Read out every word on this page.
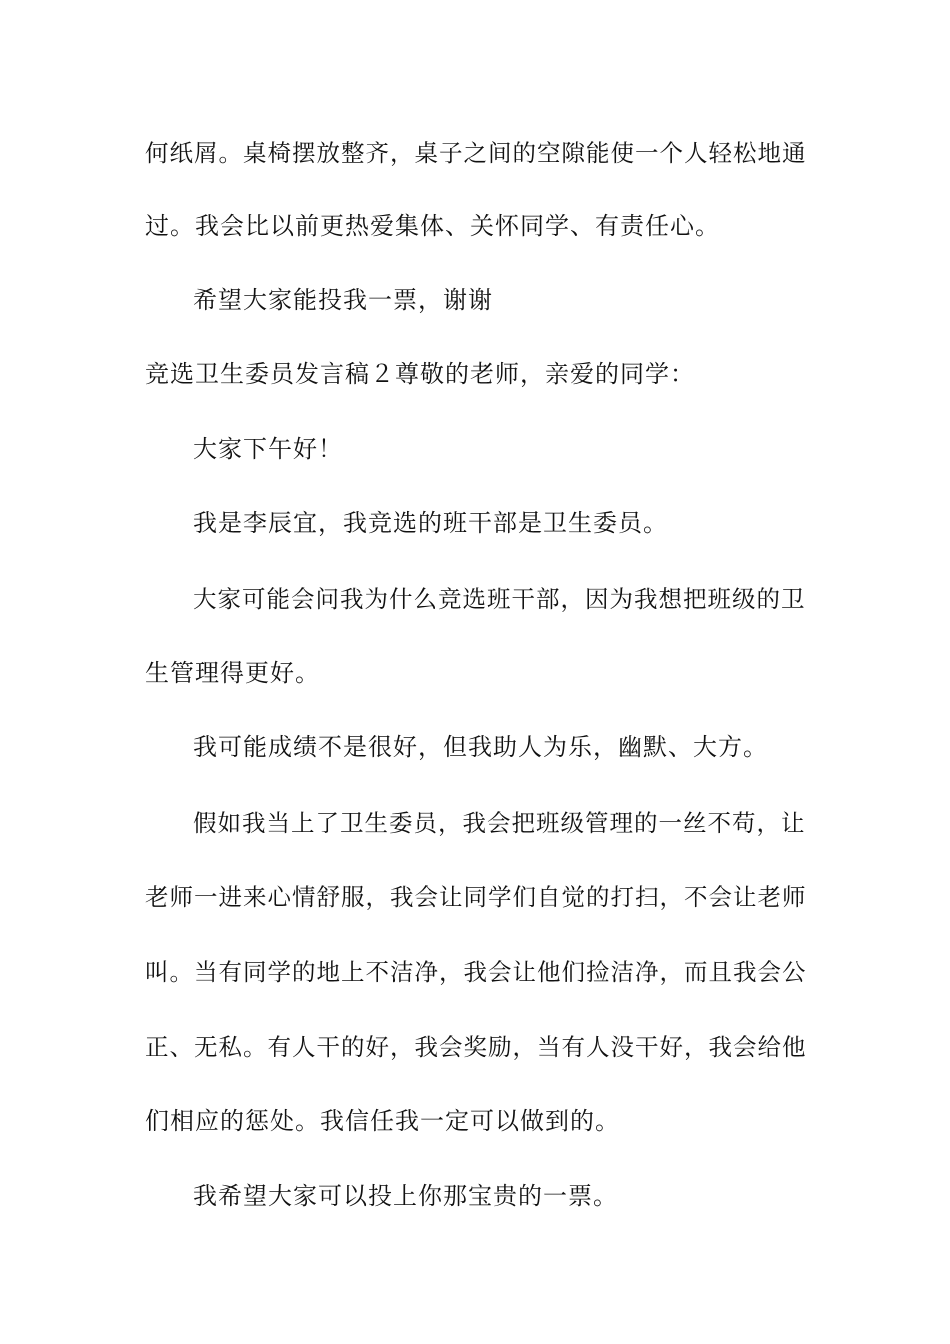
何纸屑。桌椅摆放整齐，桌子之间的空隙能使一个人轻松地通
过。我会比以前更热爱集体、关怀同学、有责任心。
希望大家能投我一票，谢谢
竞选卫生委员发言稿２尊敬的老师，亲爱的同学：
大家下午好！
我是李辰宜，我竞选的班干部是卫生委员。
大家可能会问我为什么竞选班干部，因为我想把班级的卫
生管理得更好。
我可能成绩不是很好，但我助人为乐，幽默、大方。
假如我当上了卫生委员，我会把班级管理的一丝不苟，让
老师一进来心情舒服，我会让同学们自觉的打扫，不会让老师
叫。当有同学的地上不洁净，我会让他们捡洁净，而且我会公
正、无私。有人干的好，我会奖励，当有人没干好，我会给他
们相应的惩处。我信任我一定可以做到的。
我希望大家可以投上你那宝贵的一票。
